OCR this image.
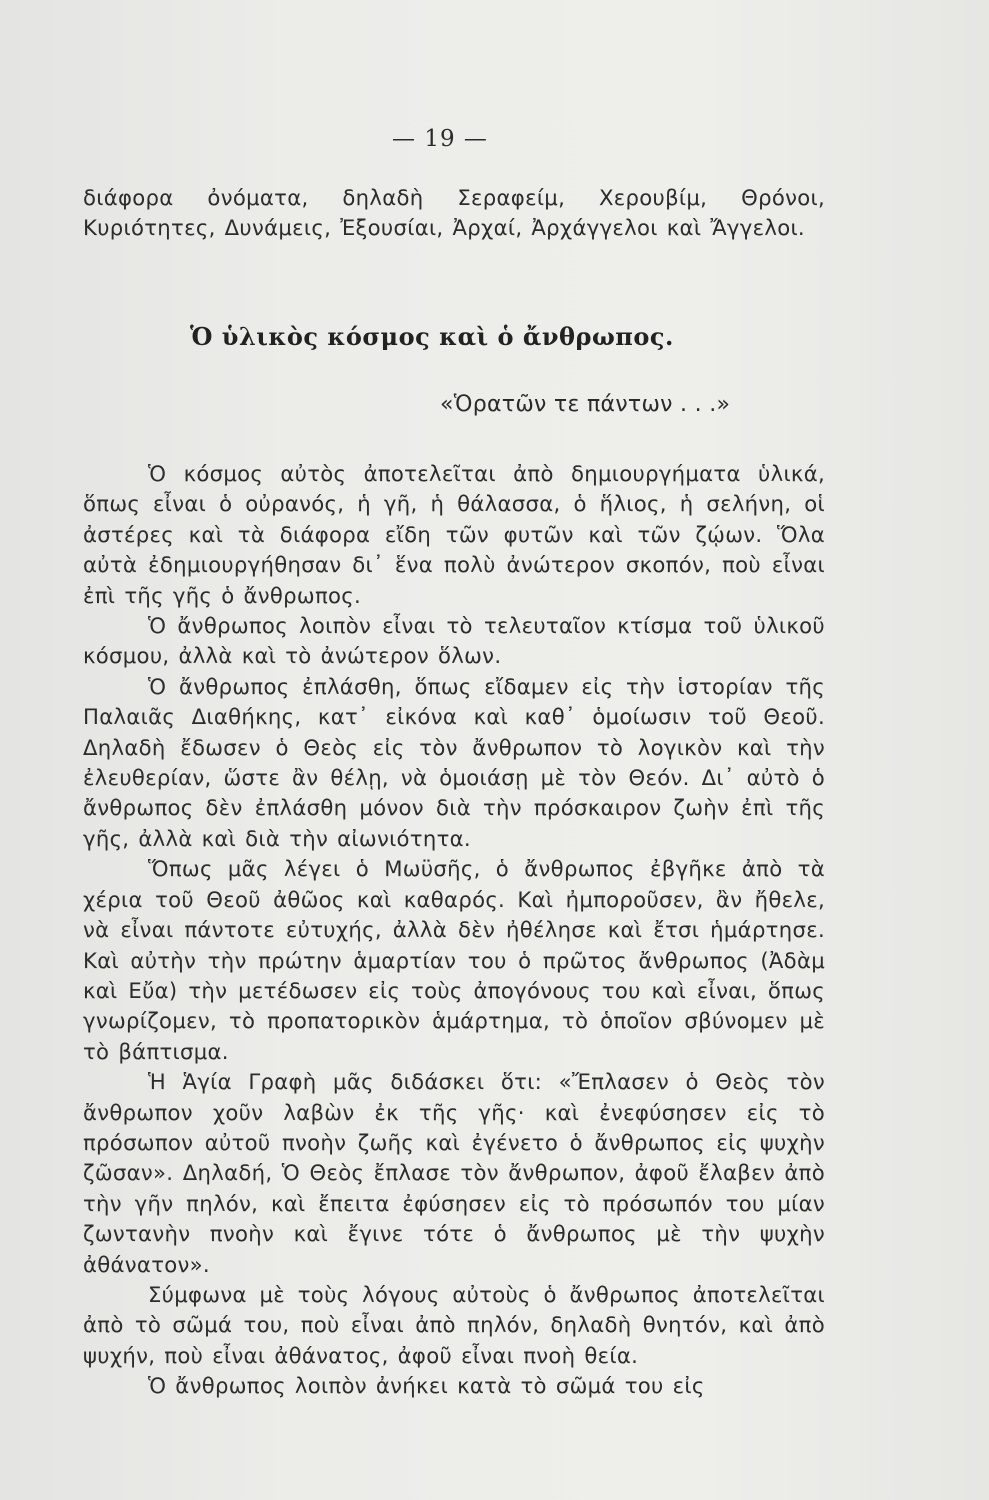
— 19 —

διάφορα ὀνόματα, δηλαδὴ Σεραφείμ, Χερουβίμ, Θρόνοι, Κυριότητες, Δυνάμεις, Ἐξουσίαι, Ἀρχαί, Ἀρχάγγελοι καὶ Ἄγγελοι.

Ὁ ὑλικὸς κόσμος καὶ ὁ ἄνθρωπος.
«Ὁρατῶν τε πάντων . . .»

Ὁ κόσμος αὐτὸς ἀποτελεῖται ἀπὸ δημιουργήματα ὑλικά, ὅπως εἶναι ὁ οὐρανός, ἡ γῆ, ἡ θάλασσα, ὁ ἥλιος, ἡ σελήνη, οἱ ἀστέρες καὶ τὰ διάφορα εἴδη τῶν φυτῶν καὶ τῶν ζῴων. Ὅλα αὐτὰ ἐδημιουργήθησαν δι᾿ ἕνα πολὺ ἀνώτερον σκοπόν, ποὺ εἶναι ἐπὶ τῆς γῆς ὁ ἄνθρωπος.

Ὁ ἄνθρωπος λοιπὸν εἶναι τὸ τελευταῖον κτίσμα τοῦ ὑλικοῦ κόσμου, ἀλλὰ καὶ τὸ ἀνώτερον ὅλων.

Ὁ ἄνθρωπος ἐπλάσθη, ὅπως εἴδαμεν εἰς τὴν ἱστορίαν τῆς Παλαιᾶς Διαθήκης, κατ᾿ εἰκόνα καὶ καθ᾿ ὁμοίωσιν τοῦ Θεοῦ. Δηλαδὴ ἔδωσεν ὁ Θεὸς εἰς τὸν ἄνθρωπον τὸ λογικὸν καὶ τὴν ἐλευθερίαν, ὥστε ἂν θέλῃ, νὰ ὁμοιάσῃ μὲ τὸν Θεόν. Δι᾿ αὐτὸ ὁ ἄνθρωπος δὲν ἐπλάσθη μόνον διὰ τὴν πρόσκαιρον ζωὴν ἐπὶ τῆς γῆς, ἀλλὰ καὶ διὰ τὴν αἰωνιότητα.

Ὅπως μᾶς λέγει ὁ Μωϋσῆς, ὁ ἄνθρωπος ἐβγῆκε ἀπὸ τὰ χέρια τοῦ Θεοῦ ἀθῶος καὶ καθαρός. Καὶ ἠμποροῦσεν, ἂν ἤθελε, νὰ εἶναι πάντοτε εὐτυχής, ἀλλὰ δὲν ἠθέλησε καὶ ἔτσι ἡμάρτησε. Καὶ αὐτὴν τὴν πρώτην ἁμαρτίαν του ὁ πρῶτος ἄνθρωπος (Ἀδὰμ καὶ Εὔα) τὴν μετέδωσεν εἰς τοὺς ἀπογόνους του καὶ εἶναι, ὅπως γνωρίζομεν, τὸ προπατορικὸν ἁμάρτημα, τὸ ὁποῖον σβύνομεν μὲ τὸ βάπτισμα.

Ἡ Ἁγία Γραφὴ μᾶς διδάσκει ὅτι: «Ἔπλασεν ὁ Θεὸς τὸν ἄνθρωπον χοῦν λαβὼν ἐκ τῆς γῆς· καὶ ἐνεφύσησεν εἰς τὸ πρόσωπον αὐτοῦ πνοὴν ζωῆς καὶ ἐγένετο ὁ ἄνθρωπος εἰς ψυχὴν ζῶσαν». Δηλαδή, Ὁ Θεὸς ἔπλασε τὸν ἄνθρωπον, ἀφοῦ ἔλαβεν ἀπὸ τὴν γῆν πηλόν, καὶ ἔπειτα ἐφύσησεν εἰς τὸ πρόσωπόν του μίαν ζωντανὴν πνοὴν καὶ ἔγινε τότε ὁ ἄνθρωπος μὲ τὴν ψυχὴν ἀθάνατον».

Σύμφωνα μὲ τοὺς λόγους αὐτοὺς ὁ ἄνθρωπος ἀποτελεῖται ἀπὸ τὸ σῶμά του, ποὺ εἶναι ἀπὸ πηλόν, δηλαδὴ θνητόν, καὶ ἀπὸ ψυχήν, ποὺ εἶναι ἀθάνατος, ἀφοῦ εἶναι πνοὴ θεία.

Ὁ ἄνθρωπος λοιπὸν ἀνήκει κατὰ τὸ σῶμά του εἰς
